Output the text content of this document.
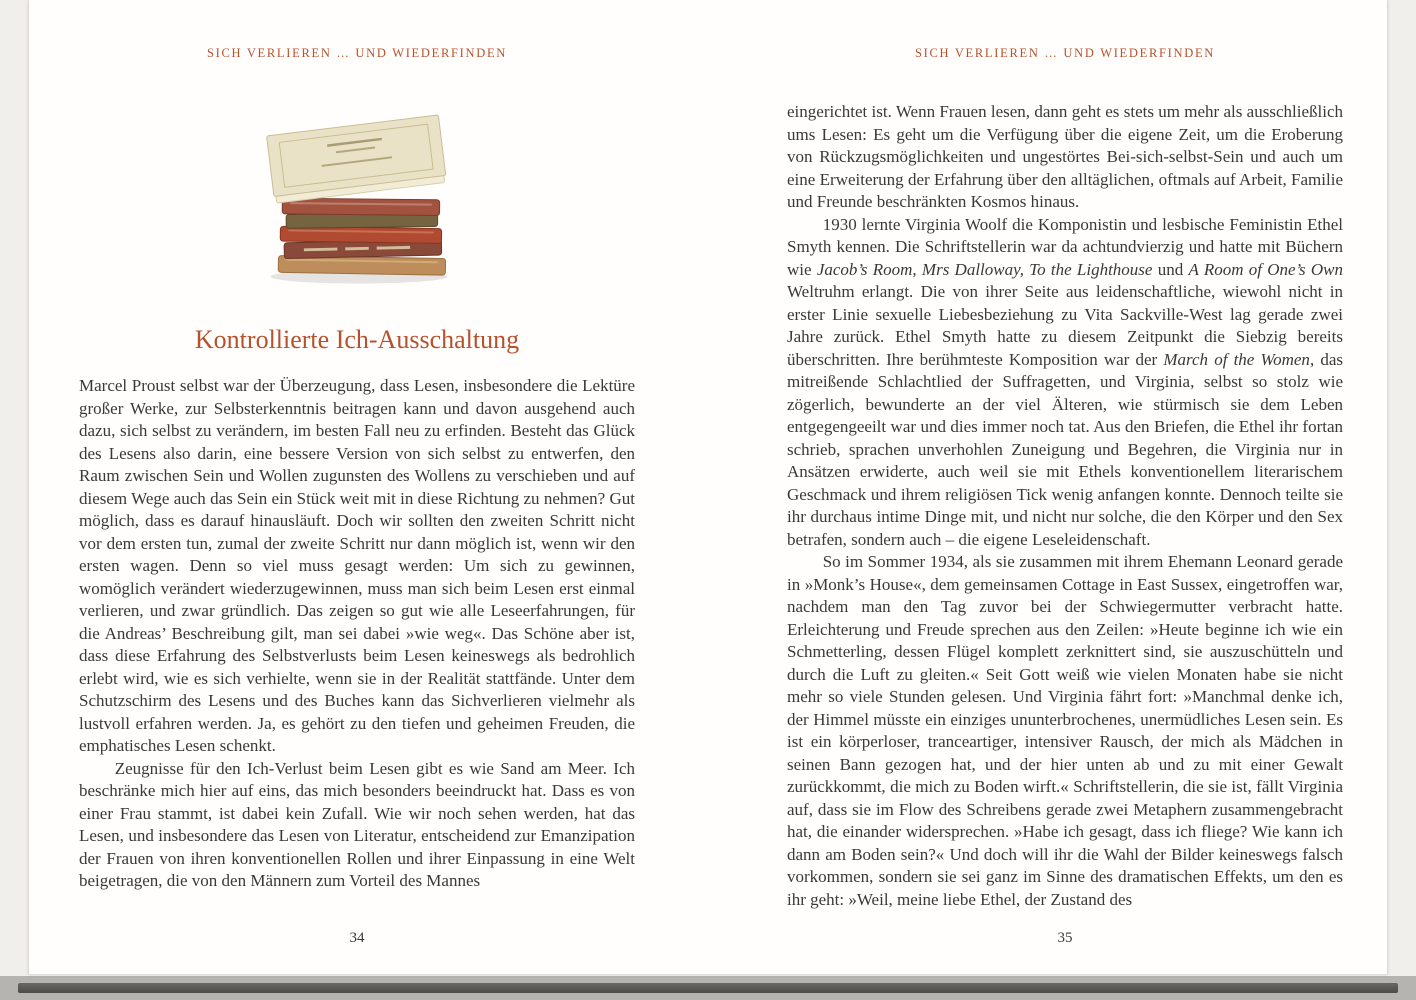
SICH VERLIEREN … UND WIEDERFINDEN
Kontrollierte Ich-Ausschaltung

Marcel Proust selbst war der Überzeugung, dass Lesen, insbesondere die Lektüre großer Werke, zur Selbsterkenntnis beitragen kann und davon ausgehend auch dazu, sich selbst zu verändern, im besten Fall neu zu erfinden. Besteht das Glück des Lesens also darin, eine bessere Version von sich selbst zu entwerfen, den Raum zwischen Sein und Wollen zugunsten des Wollens zu verschieben und auf diesem Wege auch das Sein ein Stück weit mit in diese Richtung zu nehmen? Gut möglich, dass es darauf hinausläuft. Doch wir sollten den zweiten Schritt nicht vor dem ersten tun, zumal der zweite Schritt nur dann möglich ist, wenn wir den ersten wagen. Denn so viel muss gesagt werden: Um sich zu gewinnen, womöglich verändert wiederzugewinnen, muss man sich beim Lesen erst einmal verlieren, und zwar gründlich. Das zeigen so gut wie alle Leseerfahrungen, für die Andreas’ Beschreibung gilt, man sei dabei »wie weg«. Das Schöne aber ist, dass diese Erfahrung des Selbstverlusts beim Lesen keineswegs als bedrohlich erlebt wird, wie es sich verhielte, wenn sie in der Realität stattfände. Unter dem Schutzschirm des Lesens und des Buches kann das Sichverlieren vielmehr als lustvoll erfahren werden. Ja, es gehört zu den tiefen und geheimen Freuden, die emphatisches Lesen schenkt.

Zeugnisse für den Ich-Verlust beim Lesen gibt es wie Sand am Meer. Ich beschränke mich hier auf eins, das mich besonders beeindruckt hat. Dass es von einer Frau stammt, ist dabei kein Zufall. Wie wir noch sehen werden, hat das Lesen, und insbesondere das Lesen von Literatur, entscheidend zur Emanzipation der Frauen von ihren konventionellen Rollen und ihrer Einpassung in eine Welt beigetragen, die von den Männern zum Vorteil des Mannes

34
SICH VERLIEREN … UND WIEDERFINDEN

eingerichtet ist. Wenn Frauen lesen, dann geht es stets um mehr als ausschließlich ums Lesen: Es geht um die Verfügung über die eigene Zeit, um die Eroberung von Rückzugsmöglichkeiten und ungestörtes Bei-sich-selbst-Sein und auch um eine Erweiterung der Erfahrung über den alltäglichen, oftmals auf Arbeit, Familie und Freunde beschränkten Kosmos hinaus.

1930 lernte Virginia Woolf die Komponistin und lesbische Feministin Ethel Smyth kennen. Die Schriftstellerin war da achtundvierzig und hatte mit Büchern wie Jacob’s Room, Mrs Dalloway, To the Lighthouse und A Room of One’s Own Weltruhm erlangt. Die von ihrer Seite aus leidenschaftliche, wiewohl nicht in erster Linie sexuelle Liebesbeziehung zu Vita Sackville-West lag gerade zwei Jahre zurück. Ethel Smyth hatte zu diesem Zeitpunkt die Siebzig bereits überschritten. Ihre berühmteste Komposition war der March of the Women, das mitreißende Schlachtlied der Suffragetten, und Virginia, selbst so stolz wie zögerlich, bewunderte an der viel Älteren, wie stürmisch sie dem Leben entgegengeeilt war und dies immer noch tat. Aus den Briefen, die Ethel ihr fortan schrieb, sprachen unverhohlen Zuneigung und Begehren, die Virginia nur in Ansätzen erwiderte, auch weil sie mit Ethels konventionellem literarischem Geschmack und ihrem religiösen Tick wenig anfangen konnte. Dennoch teilte sie ihr durchaus intime Dinge mit, und nicht nur solche, die den Körper und den Sex betrafen, sondern auch – die eigene Leseleidenschaft.

So im Sommer 1934, als sie zusammen mit ihrem Ehemann Leonard gerade in »Monk’s House«, dem gemeinsamen Cottage in East Sussex, eingetroffen war, nachdem man den Tag zuvor bei der Schwiegermutter verbracht hatte. Erleichterung und Freude sprechen aus den Zeilen: »Heute beginne ich wie ein Schmetterling, dessen Flügel komplett zerknittert sind, sie auszuschütteln und durch die Luft zu gleiten.« Seit Gott weiß wie vielen Monaten habe sie nicht mehr so viele Stunden gelesen. Und Virginia fährt fort: »Manchmal denke ich, der Himmel müsste ein einziges ununterbrochenes, unermüdliches Lesen sein. Es ist ein körperloser, tranceartiger, intensiver Rausch, der mich als Mädchen in seinen Bann gezogen hat, und der hier unten ab und zu mit einer Gewalt zurückkommt, die mich zu Boden wirft.« Schriftstellerin, die sie ist, fällt Virginia auf, dass sie im Flow des Schreibens gerade zwei Metaphern zusammengebracht hat, die einander widersprechen. »Habe ich gesagt, dass ich fliege? Wie kann ich dann am Boden sein?« Und doch will ihr die Wahl der Bilder keineswegs falsch vorkommen, sondern sie sei ganz im Sinne des dramatischen Effekts, um den es ihr geht: »Weil, meine liebe Ethel, der Zustand des

35
